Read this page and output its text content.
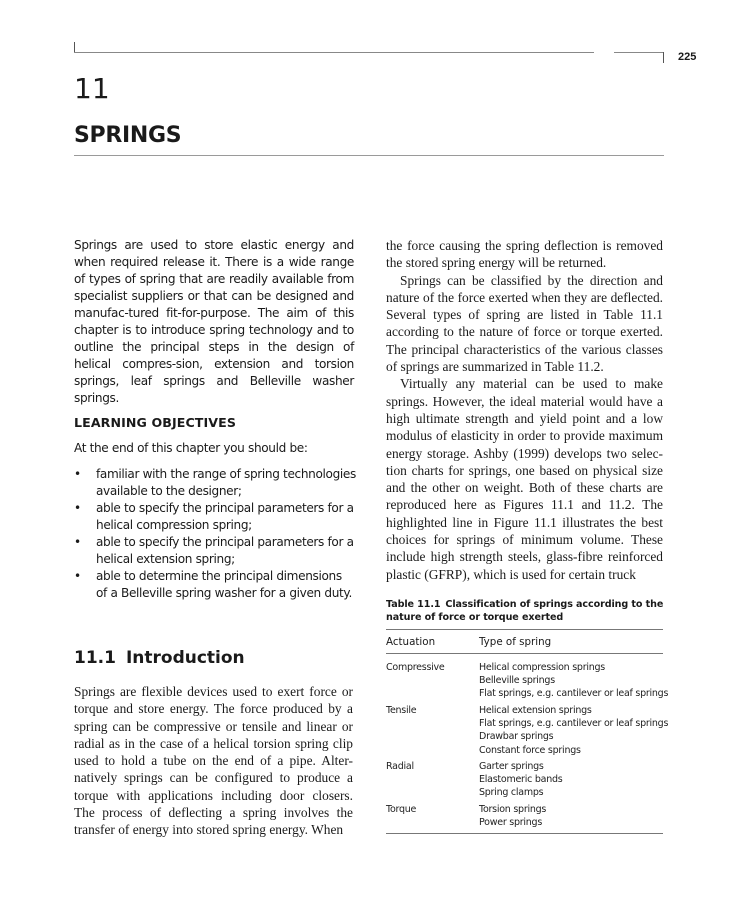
225
11
SPRINGS
Springs are used to store elastic energy and when required release it. There is a wide range of types of spring that are readily available from specialist suppliers or that can be designed and manufac-tured fit-for-purpose. The aim of this chapter is to introduce spring technology and to outline the principal steps in the design of helical compres-sion, extension and torsion springs, leaf springs and Belleville washer springs.
LEARNING OBJECTIVES
At the end of this chapter you should be:
• familiar with the range of spring technologies available to the designer;
• able to specify the principal parameters for a helical compression spring;
• able to specify the principal parameters for a helical extension spring;
• able to determine the principal dimensions of a Belleville spring washer for a given duty.
11.1 Introduction

Springs are flexible devices used to exert force or torque and store energy. The force produced by a spring can be compressive or tensile and linear or radial as in the case of a helical torsion spring clip used to hold a tube on the end of a pipe. Alter-natively springs can be configured to produce a torque with applications including door closers. The process of deflecting a spring involves the transfer of energy into stored spring energy. When

the force causing the spring deflection is removed the stored spring energy will be returned.

Springs can be classified by the direction and nature of the force exerted when they are deflected. Several types of spring are listed in Table 11.1 according to the nature of force or torque exerted. The principal characteristics of the various classes of springs are summarized in Table 11.2.

Virtually any material can be used to make springs. However, the ideal material would have a high ultimate strength and yield point and a low modulus of elasticity in order to provide maximum energy storage. Ashby (1999) develops two selec-tion charts for springs, one based on physical size and the other on weight. Both of these charts are reproduced here as Figures 11.1 and 11.2. The highlighted line in Figure 11.1 illustrates the best choices for springs of minimum volume. These include high strength steels, glass-fibre reinforced plastic (GFRP), which is used for certain truck

Table 11.1 Classification of springs according to the nature of force or torque exerted
Actuation	Type of spring
Compressive	Helical compression springs
Belleville springs
Flat springs, e.g. cantilever or leaf springs
Tensile	Helical extension springs
Flat springs, e.g. cantilever or leaf springs
Drawbar springs
Constant force springs
Radial	Garter springs
Elastomeric bands
Spring clamps
Torque	Torsion springs
Power springs
